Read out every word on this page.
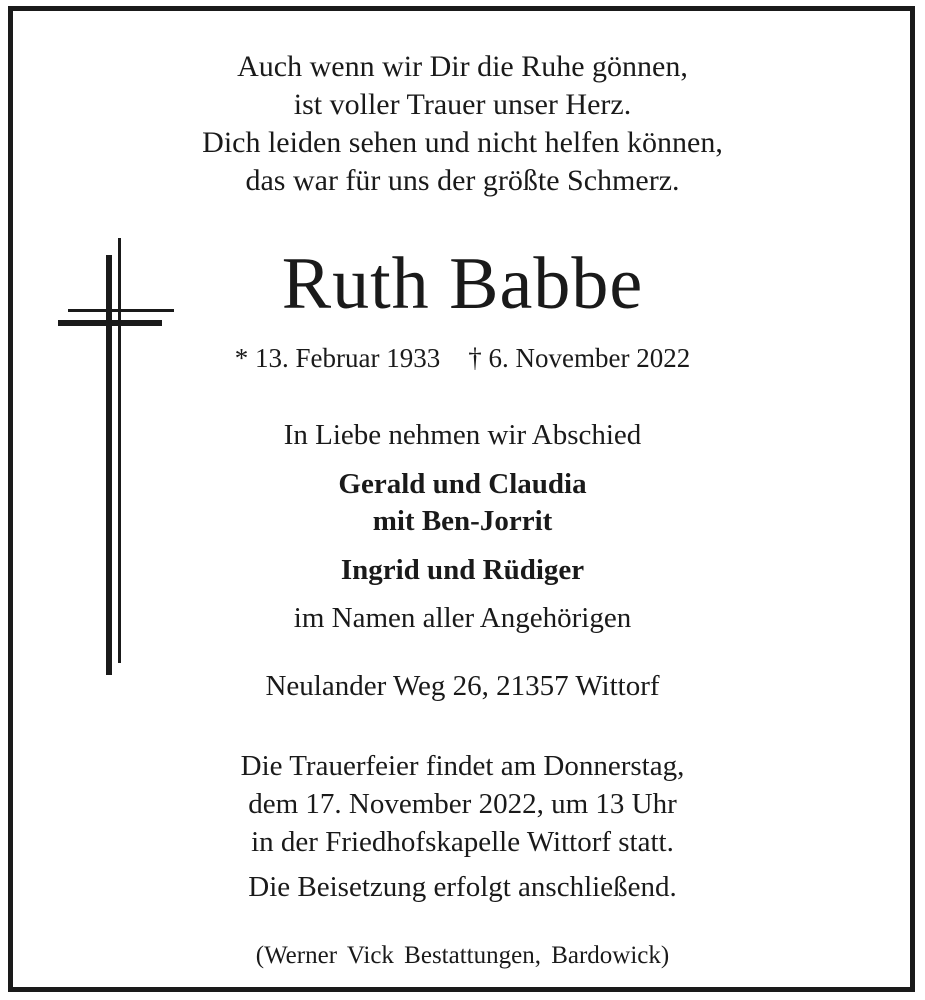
Auch wenn wir Dir die Ruhe gönnen,
ist voller Trauer unser Herz.
Dich leiden sehen und nicht helfen können,
das war für uns der größte Schmerz.
Ruth Babbe
* 13. Februar 1933 † 6. November 2022
In Liebe nehmen wir Abschied
Gerald und Claudia
mit Ben-Jorrit
Ingrid und Rüdiger
im Namen aller Angehörigen
Neulander Weg 26, 21357 Wittorf
Die Trauerfeier findet am Donnerstag,
dem 17. November 2022, um 13 Uhr
in der Friedhofskapelle Wittorf statt.
Die Beisetzung erfolgt anschließend.
(Werner Vick Bestattungen, Bardowick)
